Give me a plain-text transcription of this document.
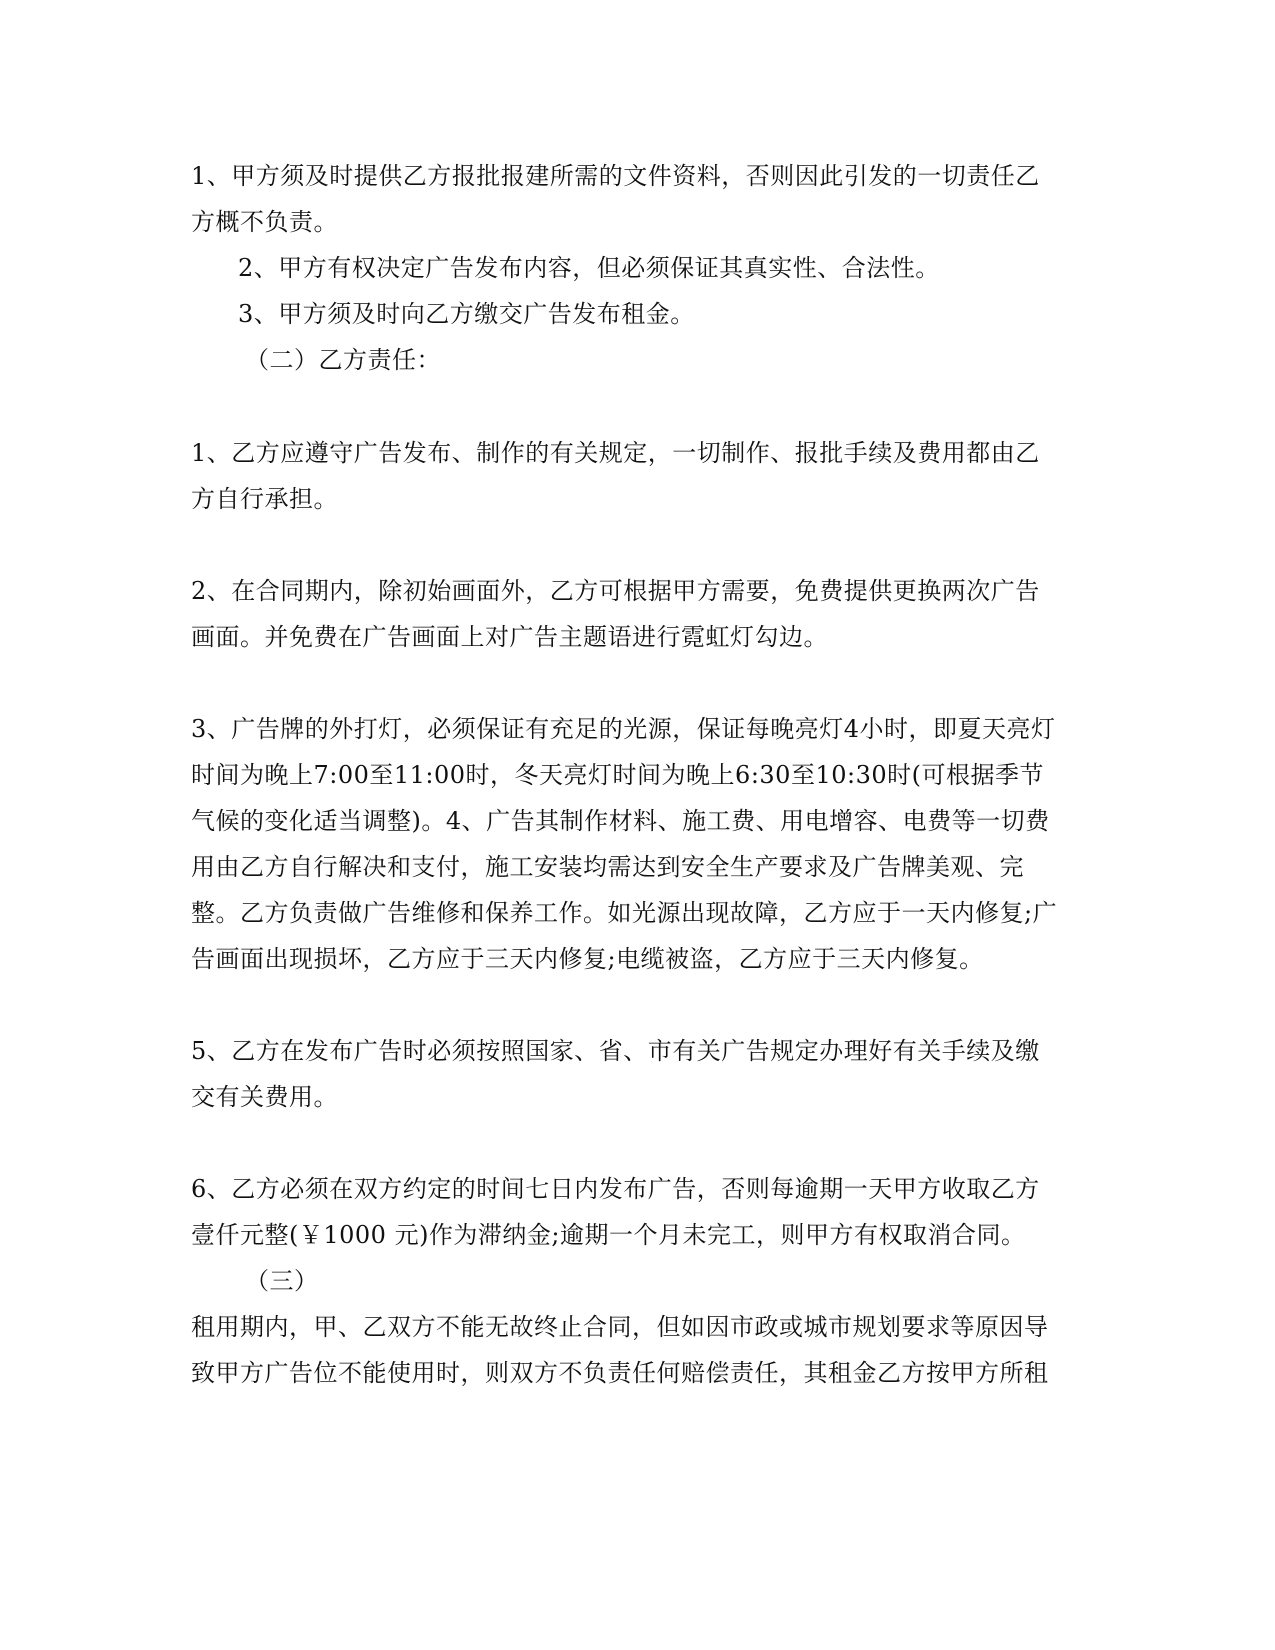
1、甲方须及时提供乙方报批报建所需的文件资料，否则因此引发的一切责任乙方概不负责。

2、甲方有权决定广告发布内容，但必须保证其真实性、合法性。

3、甲方须及时向乙方缴交广告发布租金。

（二）乙方责任：

1、乙方应遵守广告发布、制作的有关规定，一切制作、报批手续及费用都由乙方自行承担。

2、在合同期内，除初始画面外，乙方可根据甲方需要，免费提供更换两次广告画面。并免费在广告画面上对广告主题语进行霓虹灯勾边。

3、广告牌的外打灯，必须保证有充足的光源，保证每晚亮灯4小时，即夏天亮灯时间为晚上7:00至11:00时，冬天亮灯时间为晚上6:30至10:30时(可根据季节气候的变化适当调整)。4、广告其制作材料、施工费、用电增容、电费等一切费用由乙方自行解决和支付，施工安装均需达到安全生产要求及广告牌美观、完整。乙方负责做广告维修和保养工作。如光源出现故障，乙方应于一天内修复;广告画面出现损坏，乙方应于三天内修复;电缆被盗，乙方应于三天内修复。

5、乙方在发布广告时必须按照国家、省、市有关广告规定办理好有关手续及缴交有关费用。

6、乙方必须在双方约定的时间七日内发布广告，否则每逾期一天甲方收取乙方壹仟元整(￥1000 元)作为滞纳金;逾期一个月未完工，则甲方有权取消合同。

（三）

租用期内，甲、乙双方不能无故终止合同，但如因市政或城市规划要求等原因导致甲方广告位不能使用时，则双方不负责任何赔偿责任，其租金乙方按甲方所租
